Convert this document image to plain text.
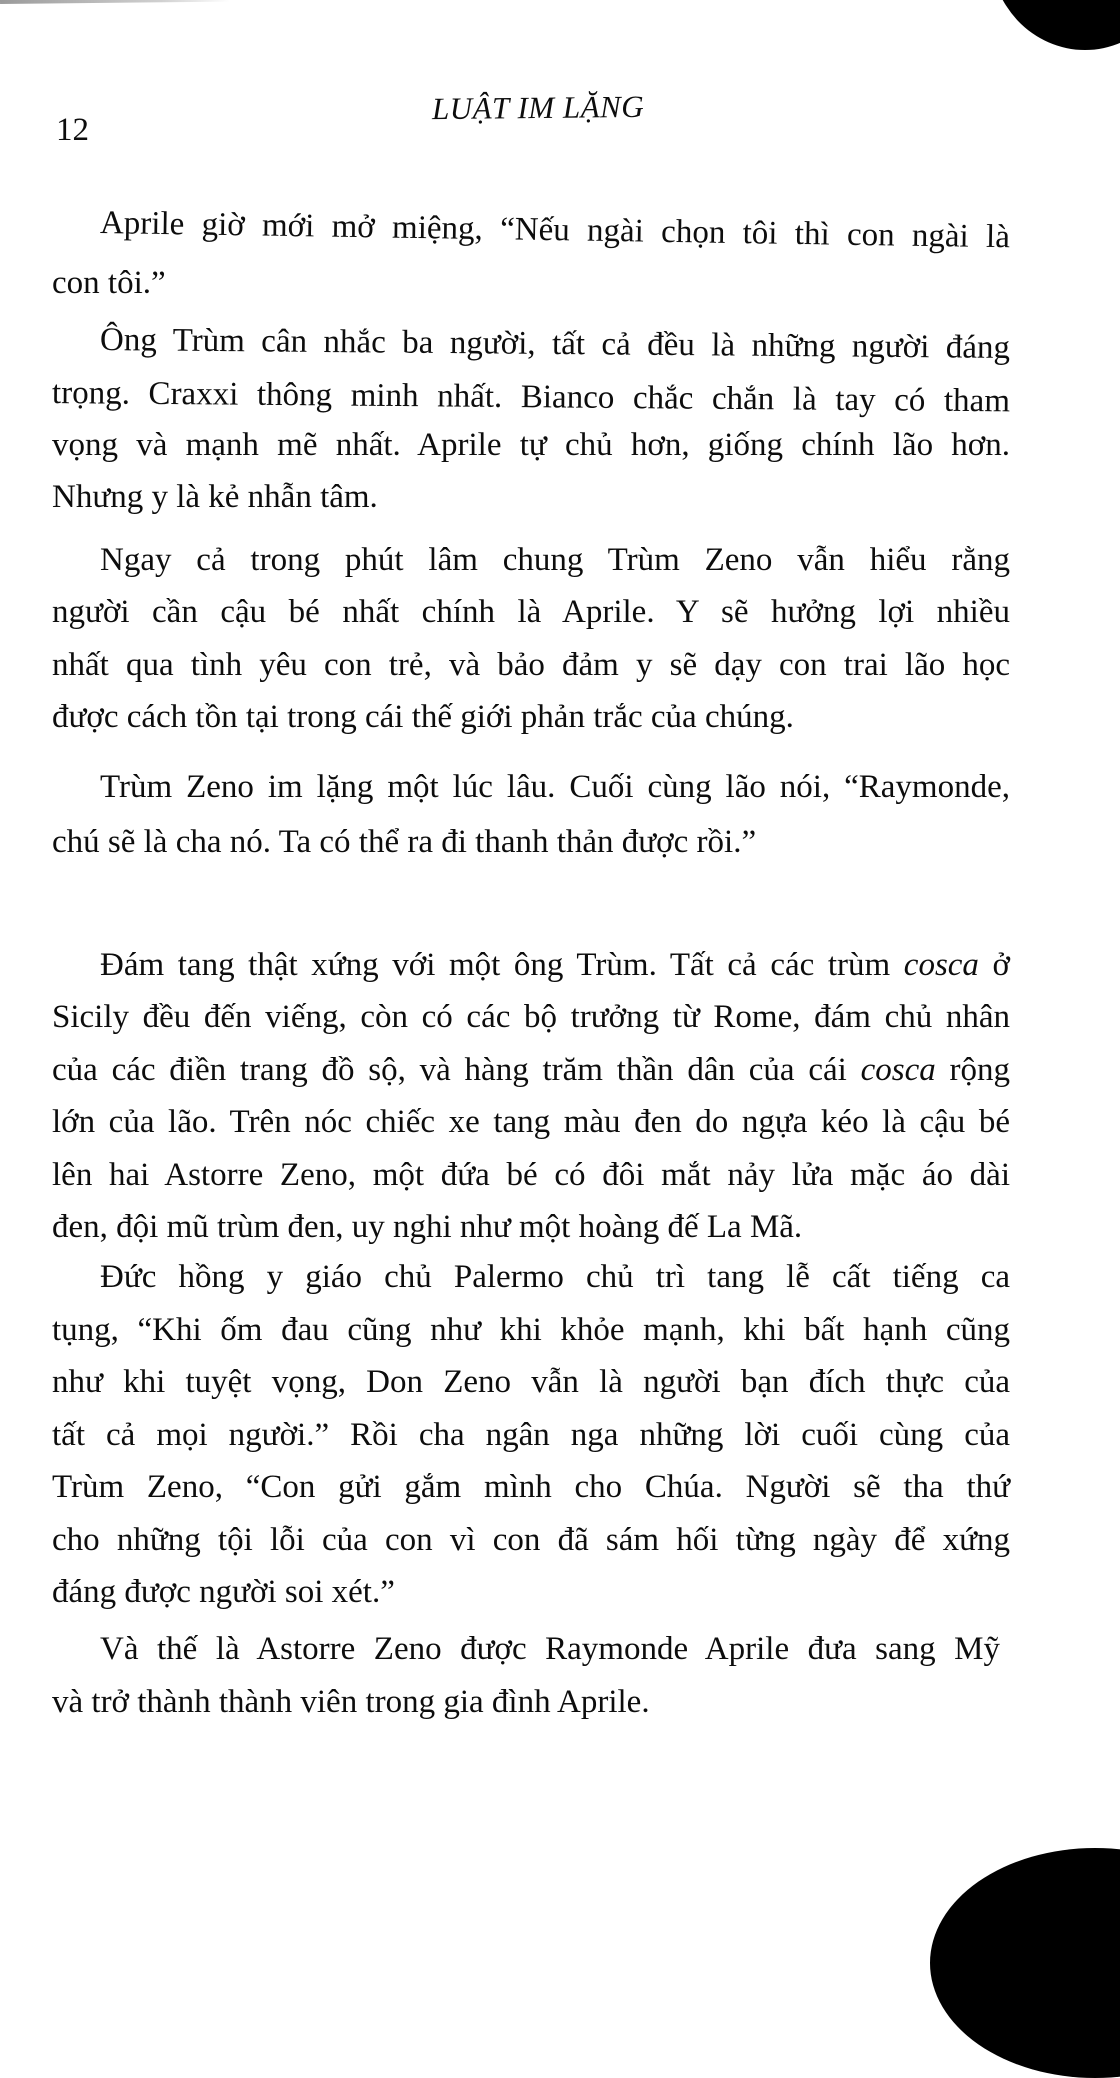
12
LUẬT IM LẶNG
Aprile giờ mới mở miệng, “Nếu ngài chọn tôi thì con ngài là
con tôi.”
Ông Trùm cân nhắc ba người, tất cả đều là những người đáng
trọng. Craxxi thông minh nhất. Bianco chắc chắn là tay có tham
vọng và mạnh mẽ nhất. Aprile tự chủ hơn, giống chính lão hơn.
Nhưng y là kẻ nhẫn tâm.
Ngay cả trong phút lâm chung Trùm Zeno vẫn hiểu rằng
người cần cậu bé nhất chính là Aprile. Y sẽ hưởng lợi nhiều
nhất qua tình yêu con trẻ, và bảo đảm y sẽ dạy con trai lão học
được cách tồn tại trong cái thế giới phản trắc của chúng.
Trùm Zeno im lặng một lúc lâu. Cuối cùng lão nói, “Raymonde,
chú sẽ là cha nó. Ta có thể ra đi thanh thản được rồi.”
Đám tang thật xứng với một ông Trùm. Tất cả các trùm cosca ở
Sicily đều đến viếng, còn có các bộ trưởng từ Rome, đám chủ nhân
của các điền trang đồ sộ, và hàng trăm thần dân của cái cosca rộng
lớn của lão. Trên nóc chiếc xe tang màu đen do ngựa kéo là cậu bé
lên hai Astorre Zeno, một đứa bé có đôi mắt nảy lửa mặc áo dài
đen, đội mũ trùm đen, uy nghi như một hoàng đế La Mã.
Đức hồng y giáo chủ Palermo chủ trì tang lễ cất tiếng ca
tụng, “Khi ốm đau cũng như khi khỏe mạnh, khi bất hạnh cũng
như khi tuyệt vọng, Don Zeno vẫn là người bạn đích thực của
tất cả mọi người.” Rồi cha ngân nga những lời cuối cùng của
Trùm Zeno, “Con gửi gắm mình cho Chúa. Người sẽ tha thứ
cho những tội lỗi của con vì con đã sám hối từng ngày để xứng
đáng được người soi xét.”
Và thế là Astorre Zeno được Raymonde Aprile đưa sang Mỹ
và trở thành thành viên trong gia đình Aprile.
